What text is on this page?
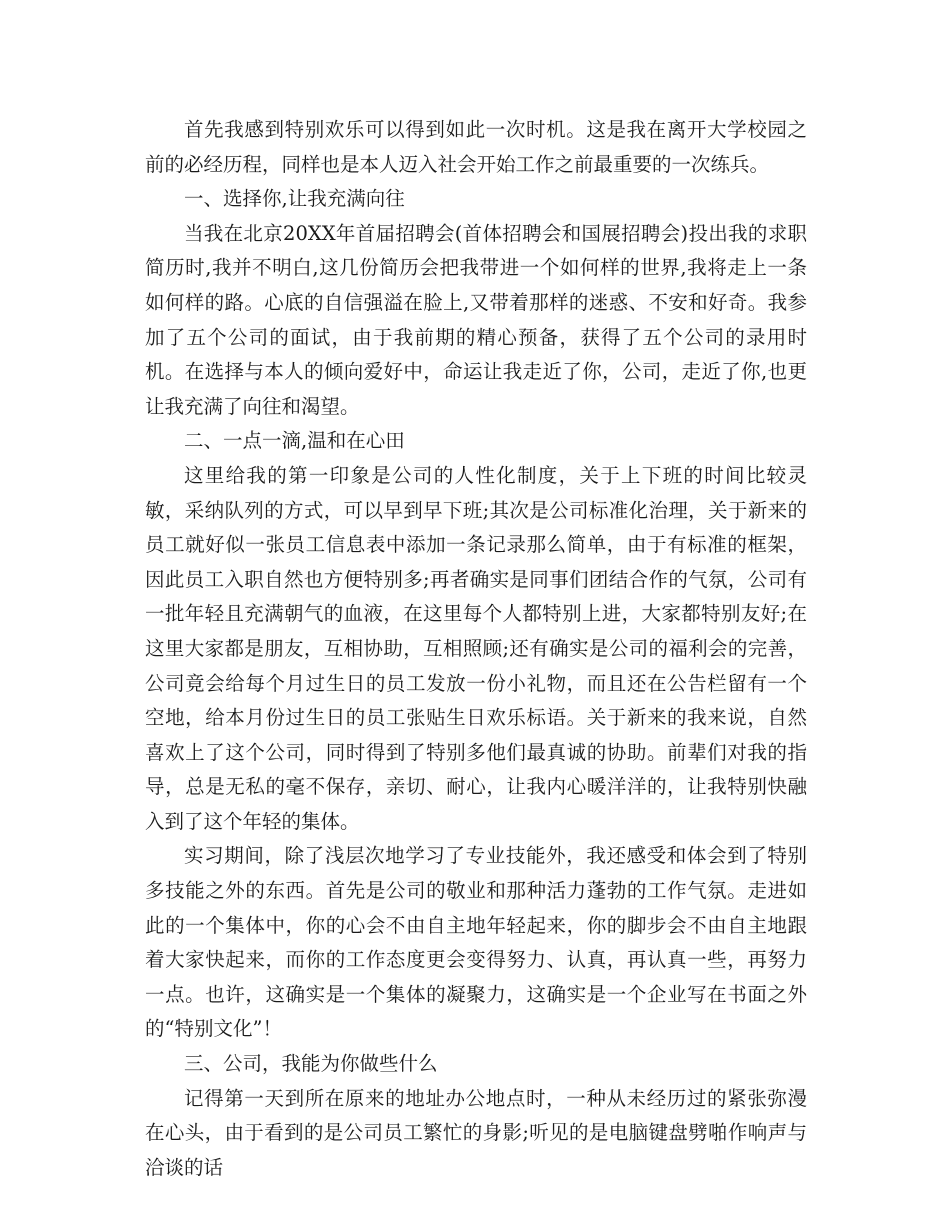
首先我感到特别欢乐可以得到如此一次时机。这是我在离开大学校园之前的必经历程，同样也是本人迈入社会开始工作之前最重要的一次练兵。

一、选择你,让我充满向往

当我在北京20XX年首届招聘会(首体招聘会和国展招聘会)投出我的求职简历时,我并不明白,这几份简历会把我带进一个如何样的世界,我将走上一条如何样的路。心底的自信强溢在脸上,又带着那样的迷惑、不安和好奇。我参加了五个公司的面试，由于我前期的精心预备，获得了五个公司的录用时机。在选择与本人的倾向爱好中，命运让我走近了你，公司，走近了你,也更让我充满了向往和渴望。

二、一点一滴,温和在心田

这里给我的第一印象是公司的人性化制度，关于上下班的时间比较灵敏，采纳队列的方式，可以早到早下班;其次是公司标准化治理，关于新来的员工就好似一张员工信息表中添加一条记录那么简单，由于有标准的框架，因此员工入职自然也方便特别多;再者确实是同事们团结合作的气氛，公司有一批年轻且充满朝气的血液，在这里每个人都特别上进，大家都特别友好;在这里大家都是朋友，互相协助，互相照顾;还有确实是公司的福利会的完善，公司竟会给每个月过生日的员工发放一份小礼物，而且还在公告栏留有一个空地，给本月份过生日的员工张贴生日欢乐标语。关于新来的我来说，自然喜欢上了这个公司，同时得到了特别多他们最真诚的协助。前辈们对我的指导，总是无私的毫不保存，亲切、耐心，让我内心暖洋洋的，让我特别快融入到了这个年轻的集体。

实习期间，除了浅层次地学习了专业技能外，我还感受和体会到了特别多技能之外的东西。首先是公司的敬业和那种活力蓬勃的工作气氛。走进如此的一个集体中，你的心会不由自主地年轻起来，你的脚步会不由自主地跟着大家快起来，而你的工作态度更会变得努力、认真，再认真一些，再努力一点。也许，这确实是一个集体的凝聚力，这确实是一个企业写在书面之外的“特别文化”！

三、公司，我能为你做些什么

记得第一天到所在原来的地址办公地点时，一种从未经历过的紧张弥漫在心头，由于看到的是公司员工繁忙的身影;听见的是电脑键盘劈啪作响声与洽谈的话
